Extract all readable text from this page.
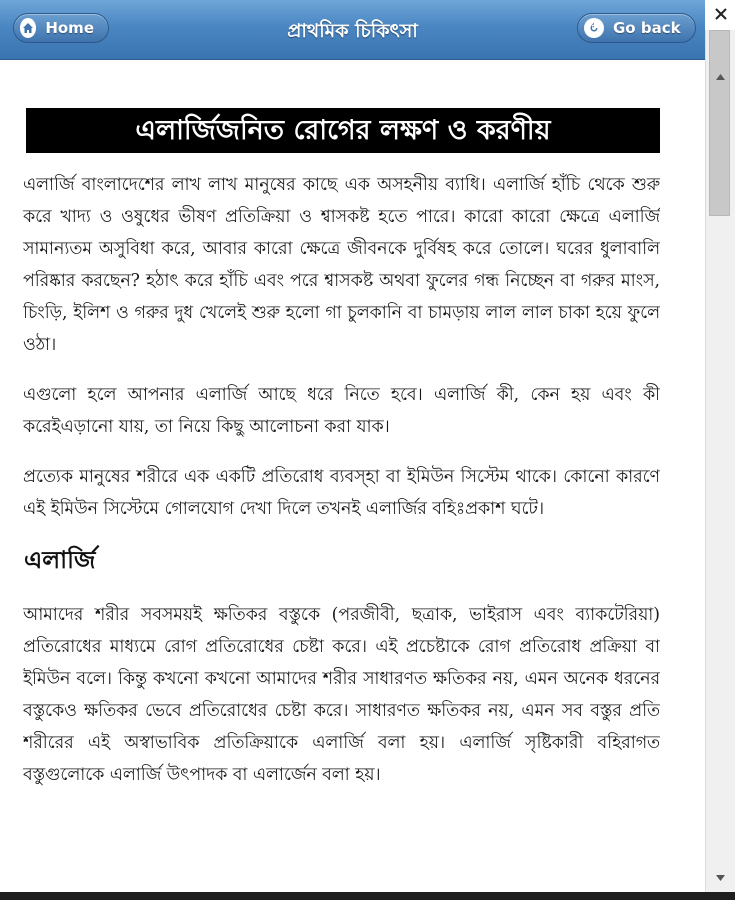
Home	প্রাথমিক চিকিৎসা	Go back
এলার্জিজনিত রোগের লক্ষণ ও করণীয়

এলার্জি বাংলাদেশের লাখ লাখ মানুষের কাছে এক অসহনীয় ব্যাধি। এলার্জি হাঁচি থেকে শুরু করে খাদ্য ও ওষুধের ভীষণ প্রতিক্রিয়া ও শ্বাসকষ্ট হতে পারে। কারো কারো ক্ষেত্রে এলার্জি সামান্যতম অসুবিধা করে, আবার কারো ক্ষেত্রে জীবনকে দুর্বিষহ করে তোলে। ঘরের ধুলাবালি পরিষ্কার করছেন? হঠাৎ করে হাঁচি এবং পরে শ্বাসকষ্ট অথবা ফুলের গন্ধ নিচ্ছেন বা গরুর মাংস, চিংড়ি, ইলিশ ও গরুর দুধ খেলেই শুরু হলো গা চুলকানি বা চামড়ায় লাল লাল চাকা হয়ে ফুলে ওঠা।

এগুলো হলে আপনার এলার্জি আছে ধরে নিতে হবে। এলার্জি কী, কেন হয় এবং কী করেইএড়ানো যায়, তা নিয়ে কিছু আলোচনা করা যাক।

প্রত্যেক মানুষের শরীরে এক একটি প্রতিরোধ ব্যবস্হা বা ইমিউন সিস্টেম থাকে। কোনো কারণে এই ইমিউন সিস্টেমে গোলযোগ দেখা দিলে তখনই এলার্জির বহিঃপ্রকাশ ঘটে।

এলার্জি

আমাদের শরীর সবসময়ই ক্ষতিকর বস্তুকে (পরজীবী, ছত্রাক, ভাইরাস এবং ব্যাকটেরিয়া) প্রতিরোধের মাধ্যমে রোগ প্রতিরোধের চেষ্টা করে। এই প্রচেষ্টাকে রোগ প্রতিরোধ প্রক্রিয়া বা ইমিউন বলে। কিন্তু কখনো কখনো আমাদের শরীর সাধারণত ক্ষতিকর নয়, এমন অনেক ধরনের বস্তুকেও ক্ষতিকর ভেবে প্রতিরোধের চেষ্টা করে। সাধারণত ক্ষতিকর নয়, এমন সব বস্তুর প্রতি শরীরের এই অস্বাভাবিক প্রতিক্রিয়াকে এলার্জি বলা হয়। এলার্জি সৃষ্টিকারী বহিরাগত বস্তুগুলোকে এলার্জি উৎপাদক বা এলার্জেন বলা হয়।
